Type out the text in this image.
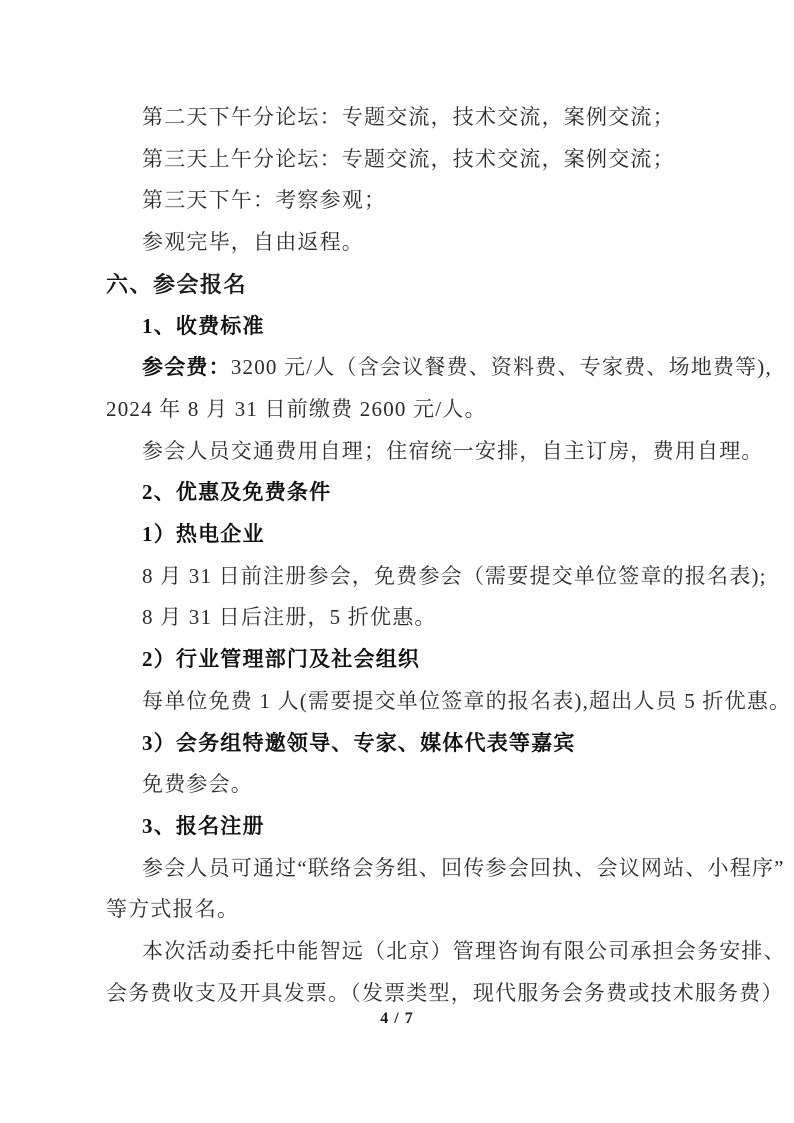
第二天下午分论坛：专题交流，技术交流，案例交流；

第三天上午分论坛：专题交流，技术交流，案例交流；

第三天下午：考察参观；

参观完毕，自由返程。

六、参会报名

1、收费标准

参会费：3200 元/人（含会议餐费、资料费、专家费、场地费等),

2024 年 8 月 31 日前缴费 2600 元/人。

参会人员交通费用自理；住宿统一安排，自主订房，费用自理。

2、优惠及免费条件

1）热电企业

8 月 31 日前注册参会，免费参会（需要提交单位签章的报名表);

8 月 31 日后注册，5 折优惠。

2）行业管理部门及社会组织

每单位免费 1 人(需要提交单位签章的报名表),超出人员 5 折优惠。

3）会务组特邀领导、专家、媒体代表等嘉宾

免费参会。

3、报名注册

参会人员可通过“联络会务组、回传参会回执、会议网站、小程序”

等方式报名。

本次活动委托中能智远（北京）管理咨询有限公司承担会务安排、

会务费收支及开具发票。（发票类型，现代服务会务费或技术服务费）

4 / 7
